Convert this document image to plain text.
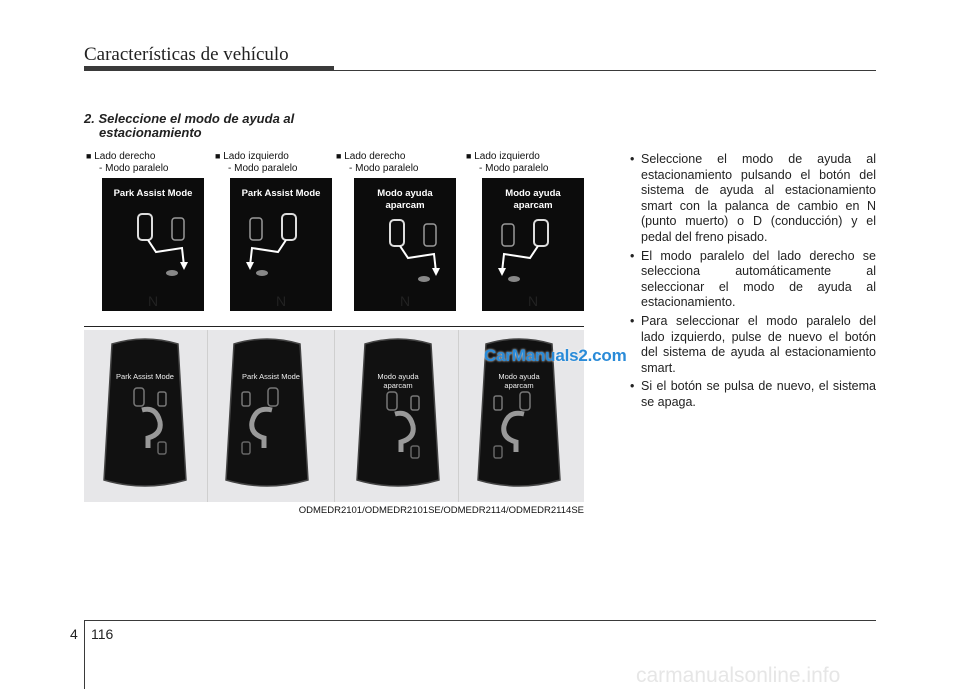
Características de vehículo
2. Seleccione el modo de ayuda al
estacionamiento
■ Lado derecho
- Modo paralelo
■ Lado izquierdo
- Modo paralelo
■ Lado derecho
- Modo paralelo
■ Lado izquierdo
- Modo paralelo
N
Park Assist Mode
N
Park Assist Mode
N
Modo ayuda aparcam
N
Modo ayuda aparcam
Park Assist Mode	Park Assist Mode	Modo ayuda aparcam
Modo ayuda aparcam
CarManuals2.com
ODMEDR2101/ODMEDR2101SE/ODMEDR2114/ODMEDR2114SE
• Seleccione el modo de ayuda al estacionamiento pulsando el botón del sistema de ayuda al estacionamiento smart con la palanca de cambio en N (punto muerto) o D (conducción) y el pedal del freno pisado.
• El modo paralelo del lado derecho se selecciona automáticamente al seleccionar el modo de ayuda al estacionamiento.
• Para seleccionar el modo paralelo del lado izquierdo, pulse de nuevo el botón del sistema de ayuda al estacionamiento smart.
• Si el botón se pulsa de nuevo, el sistema se apaga.
4 116
carmanualsonline.info
